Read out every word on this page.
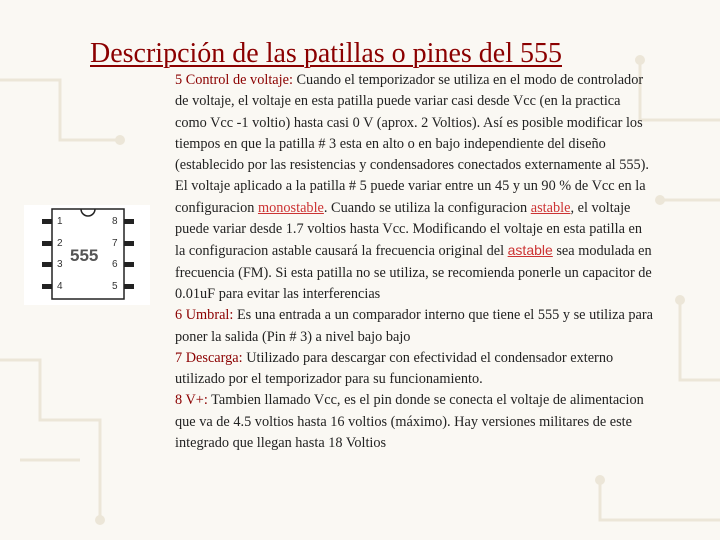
Descripción de las patillas o pines del 555
1
2
3
4
8
7
6
5
555

5 Control de voltaje: Cuando el temporizador se utiliza en el modo de controlador de voltaje, el voltaje en esta patilla puede variar casi desde Vcc (en la practica como Vcc -1 voltio) hasta casi 0 V (aprox. 2 Voltios). Así es posible modificar los tiempos en que la patilla # 3 esta en alto o en bajo independiente del diseño (establecido por las resistencias y condensadores conectados externamente al 555). El voltaje aplicado a la patilla # 5 puede variar entre un 45 y un 90 % de Vcc en la configuracion monostable. Cuando se utiliza la configuracion astable, el voltaje puede variar desde 1.7 voltios hasta Vcc. Modificando el voltaje en esta patilla en la configuracion astable causará la frecuencia original del astable sea modulada en frecuencia (FM). Si esta patilla no se utiliza, se recomienda ponerle un capacitor de 0.01uF para evitar las interferencias

6 Umbral: Es una entrada a un comparador interno que tiene el 555 y se utiliza para poner la salida (Pin # 3) a nivel bajo bajo

7 Descarga: Utilizado para descargar con efectividad el condensador externo utilizado por el temporizador para su funcionamiento.

8 V+: Tambien llamado Vcc, es el pin donde se conecta el voltaje de alimentacion que va de 4.5 voltios hasta 16 voltios (máximo). Hay versiones militares de este integrado que llegan hasta 18 Voltios
